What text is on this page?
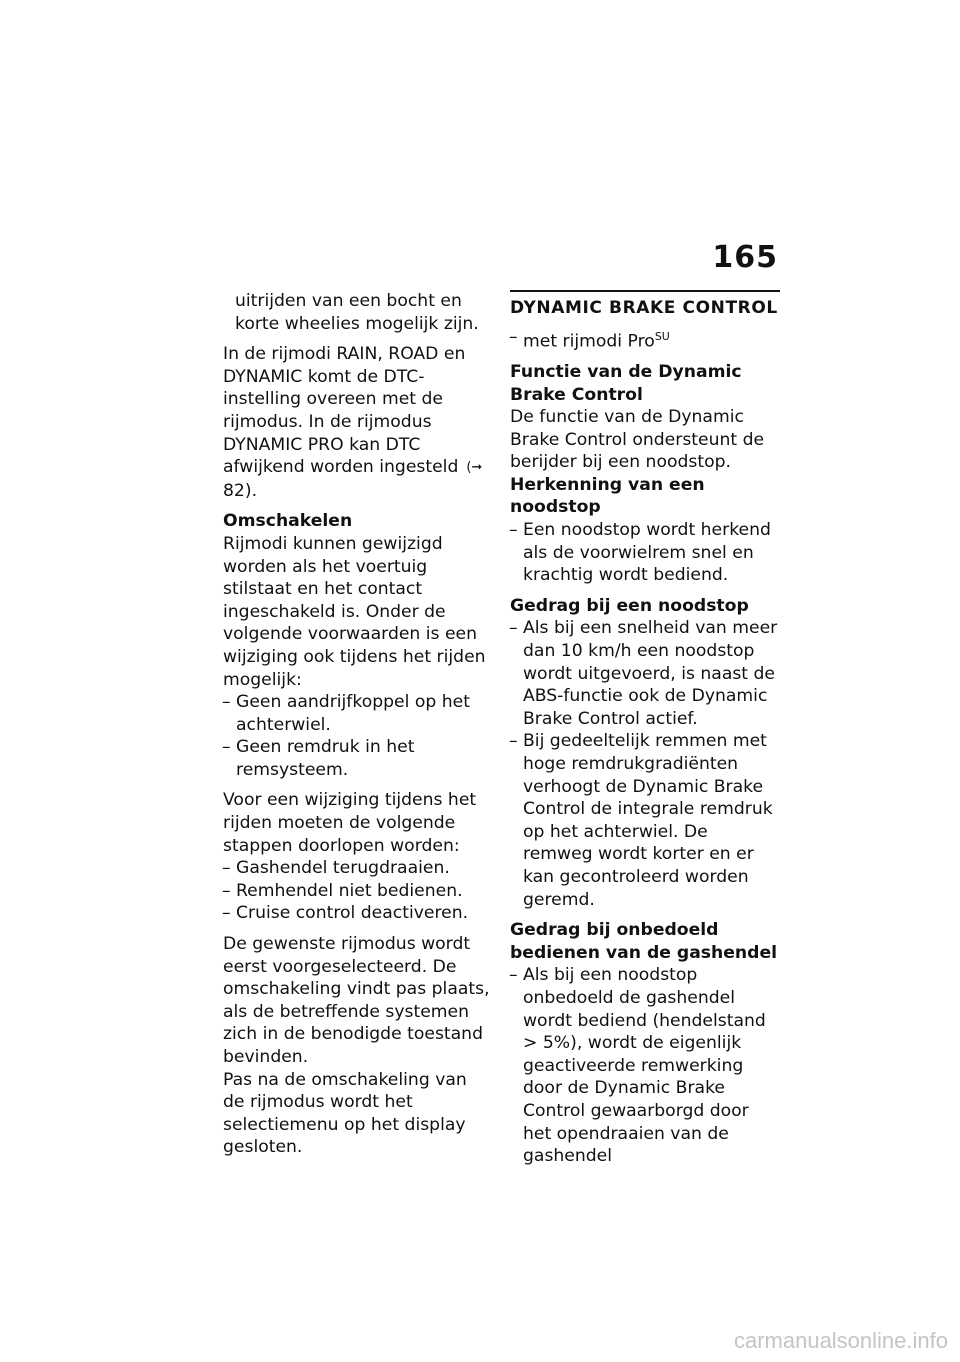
165

uitrijden van een bocht en korte wheelies mogelijk zijn.

In de rijmodi RAIN, ROAD en DYNAMIC komt de DTC-instelling overeen met de rijmodus. In de rijmodus DYNAMIC PRO kan DTC afwijkend worden ingesteld (➞82).

Omschakelen

Rijmodi kunnen gewijzigd worden als het voertuig stilstaat en het contact ingeschakeld is. Onder de volgende voorwaarden is een wijziging ook tijdens het rijden mogelijk:

– Geen aandrijfkoppel op het achterwiel.
– Geen remdruk in het remsysteem.

Voor een wijziging tijdens het rijden moeten de volgende stappen doorlopen worden:

– Gashendel terugdraaien.
– Remhendel niet bedienen.
– Cruise control deactiveren.

De gewenste rijmodus wordt eerst voorgeselecteerd. De omschakeling vindt pas plaats, als de betreffende systemen zich in de benodigde toestand bevinden.

Pas na de omschakeling van de rijmodus wordt het selectiemenu op het display gesloten.

DYNAMIC BRAKE CONTROL
– met rijmodi Pro$^{SU}$
Functie van de Dynamic Brake Control

De functie van de Dynamic Brake Control ondersteunt de berijder bij een noodstop.

Herkenning van een noodstop
– Een noodstop wordt herkend als de voorwielrem snel en krachtig wordt bediend.
Gedrag bij een noodstop
– Als bij een snelheid van meer dan 10 km/h een noodstop wordt uitgevoerd, is naast de ABS-functie ook de Dynamic Brake Control actief.
– Bij gedeeltelijk remmen met hoge remdrukgradiënten verhoogt de Dynamic Brake Control de integrale remdruk op het achterwiel. De remweg wordt korter en er kan gecontroleerd worden geremd.
Gedrag bij onbedoeld bedienen van de gashendel
– Als bij een noodstop onbedoeld de gashendel wordt bediend (hendelstand > 5%), wordt de eigenlijk geactiveerde remwerking door de Dynamic Brake Control gewaarborgd door het opendraaien van de gashendel
carmanualsonline.info
